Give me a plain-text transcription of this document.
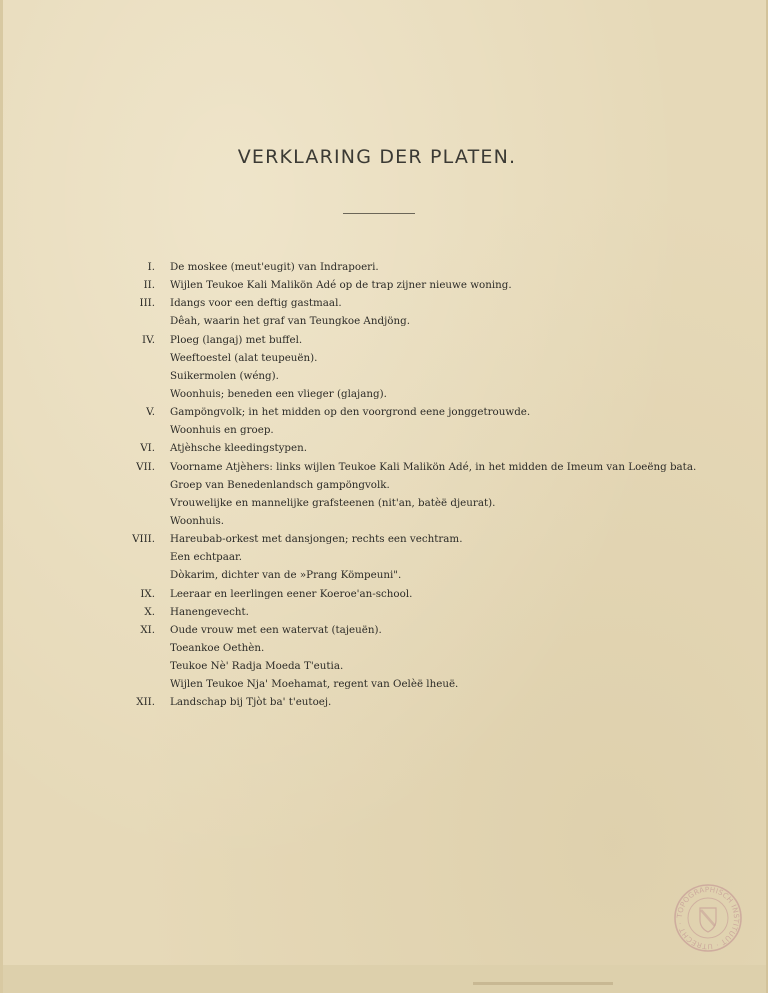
VERKLARING DER PLATEN.
I. De moskee (meut'eugit) van Indrapoeri.
II. Wijlen Teukoe Kali Malikön Adé op de trap zijner nieuwe woning.
III. Idangs voor een deftig gastmaal.
Dêah, waarin het graf van Teungkoe Andjöng.
IV. Ploeg (langaj) met buffel.
Weeftoestel (alat teupeuën).
Suikermolen (wéng).
Woonhuis; beneden een vlieger (glajang).
V. Gampöngvolk; in het midden op den voorgrond eene jonggetrouwde.
Woonhuis en groep.
VI. Atjèhsche kleedingstypen.
VII. Voorname Atjèhers: links wijlen Teukoe Kali Malikön Adé, in het midden de Imeum van Loeëng bata.
Groep van Benedenlandsch gampöngvolk.
Vrouwelijke en mannelijke grafsteenen (nit'an, batèë djeurat).
Woonhuis.
VIII. Hareubab-orkest met dansjongen; rechts een vechtram.
Een echtpaar.
Dòkarim, dichter van de »Prang Kömpeuni".
IX. Leeraar en leerlingen eener Koeroe'an-school.
X. Hanengevecht.
XI. Oude vrouw met een watervat (tajeuën).
Toeankoe Oethèn.
Teukoe Nè' Radja Moeda T'eutia.
Wijlen Teukoe Nja' Moehamat, regent van Oelèë lheuë.
XII. Landschap bij Tjòt ba' t'eutoej.
TOPOGRAPHISCH INSTITUUT · UTRECHT ·
